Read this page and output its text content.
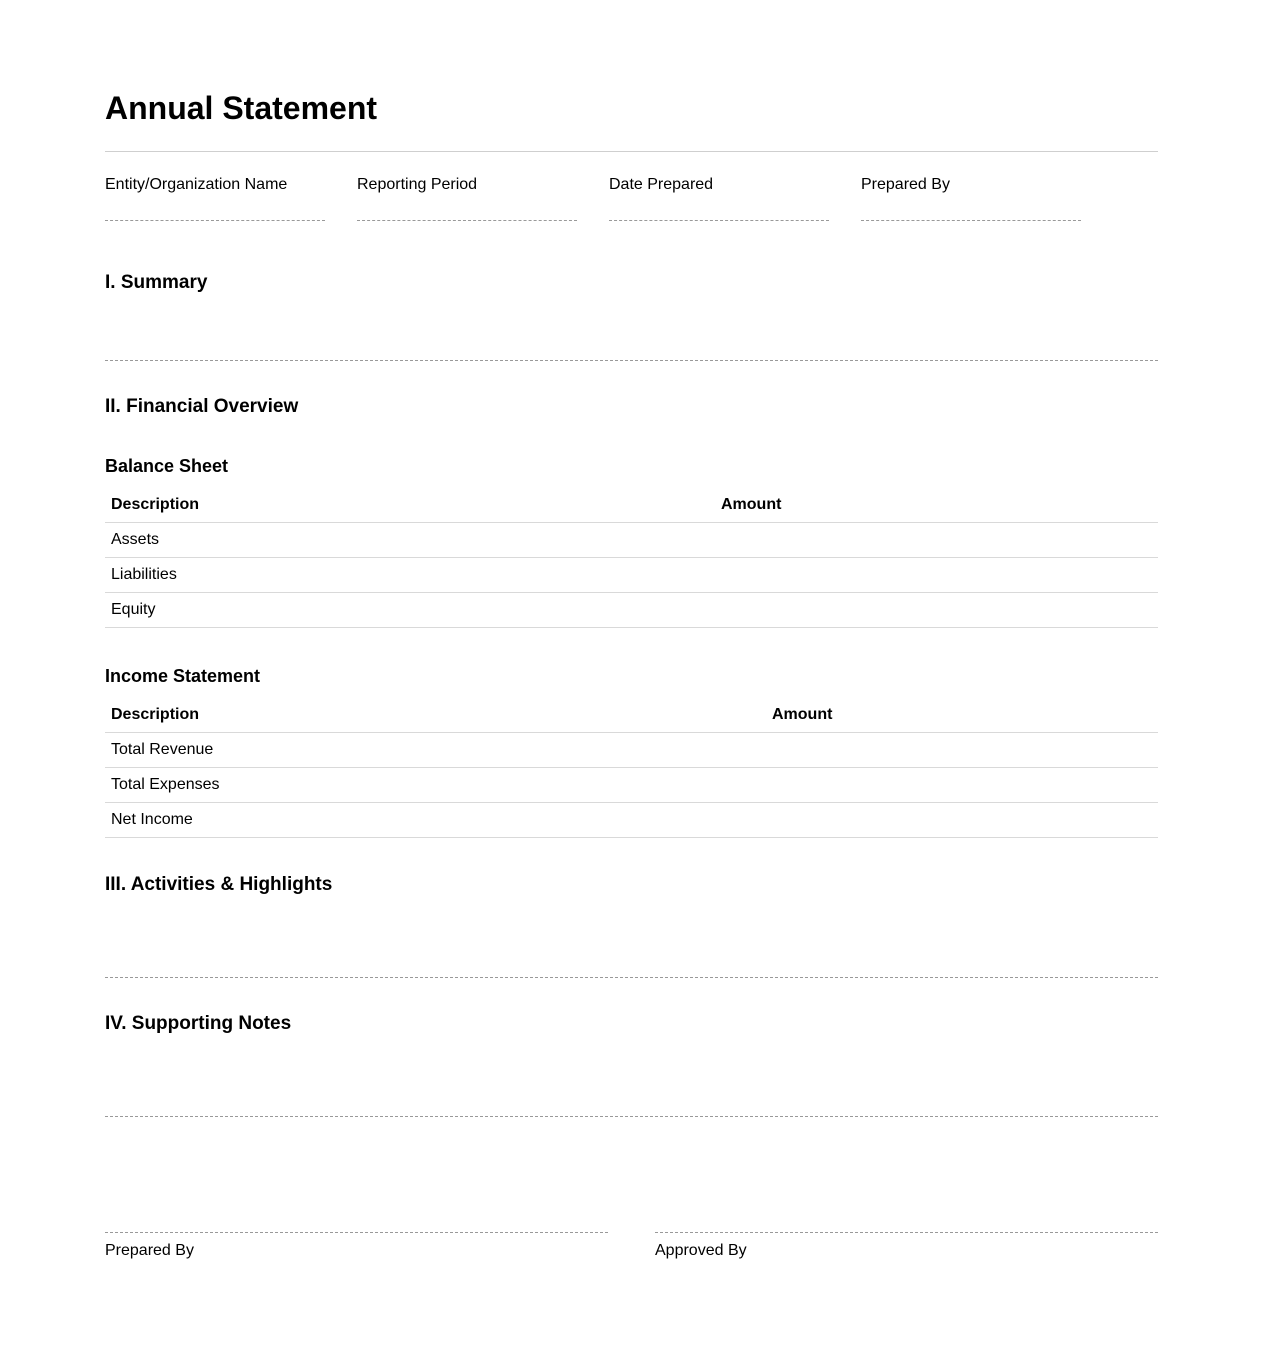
Annual Statement
Entity/Organization Name	Reporting Period	Date Prepared	Prepared By
I. Summary
II. Financial Overview
Balance Sheet
Description	Amount
Assets	
Liabilities	
Equity	
Income Statement
Description	Amount
Total Revenue	
Total Expenses	
Net Income	
III. Activities & Highlights
IV. Supporting Notes
Prepared By	Approved By
